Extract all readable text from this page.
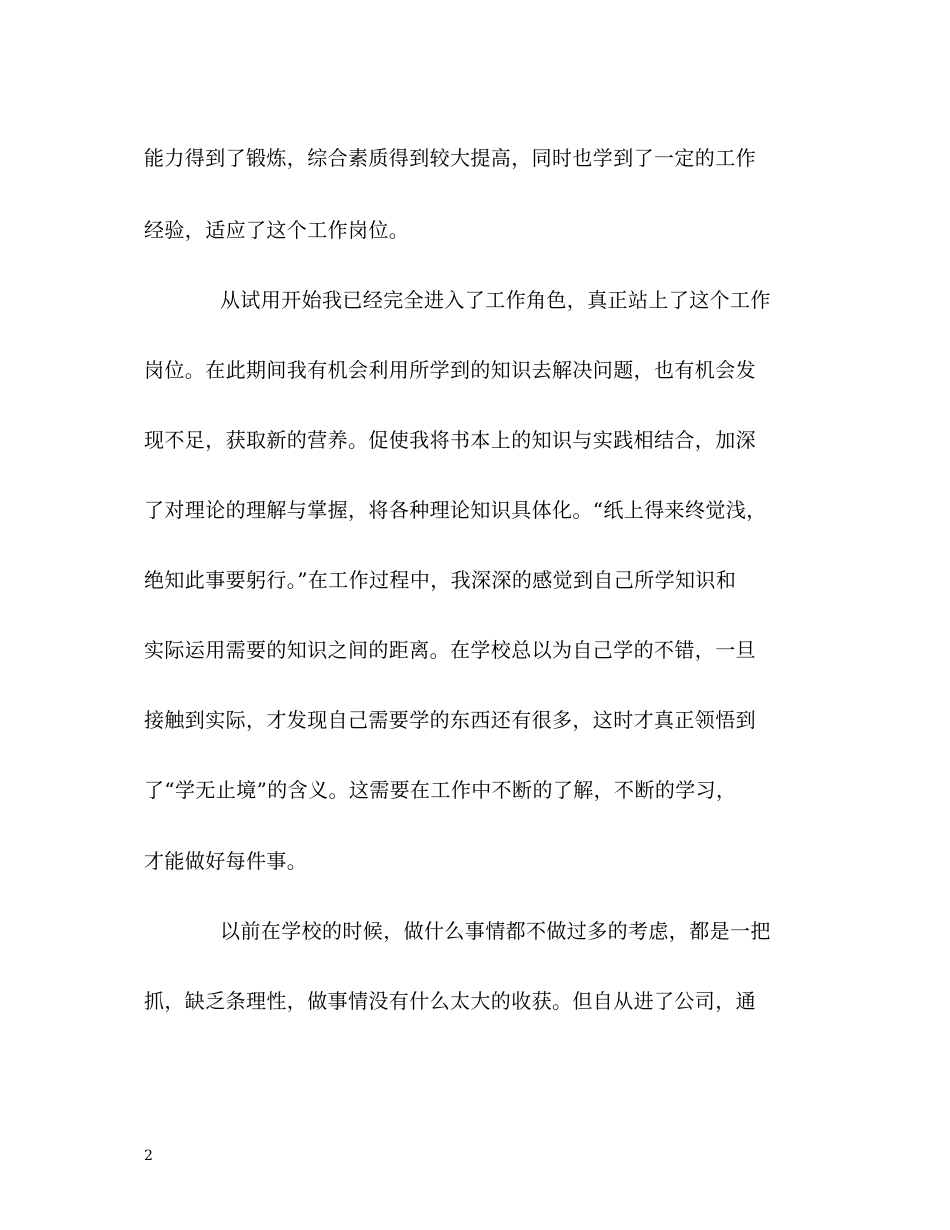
能力得到了锻炼，综合素质得到较大提高，同时也学到了一定的工作
经验，适应了这个工作岗位。
从试用开始我已经完全进入了工作角色，真正站上了这个工作
岗位。在此期间我有机会利用所学到的知识去解决问题，也有机会发
现不足，获取新的营养。促使我将书本上的知识与实践相结合，加深
了对理论的理解与掌握，将各种理论知识具体化。“纸上得来终觉浅，
绝知此事要躬行。”在工作过程中，我深深的感觉到自己所学知识和
实际运用需要的知识之间的距离。在学校总以为自己学的不错，一旦
接触到实际，才发现自己需要学的东西还有很多，这时才真正领悟到
了“学无止境”的含义。这需要在工作中不断的了解，不断的学习，
才能做好每件事。
以前在学校的时候，做什么事情都不做过多的考虑，都是一把
抓，缺乏条理性，做事情没有什么太大的收获。但自从进了公司，通
2
